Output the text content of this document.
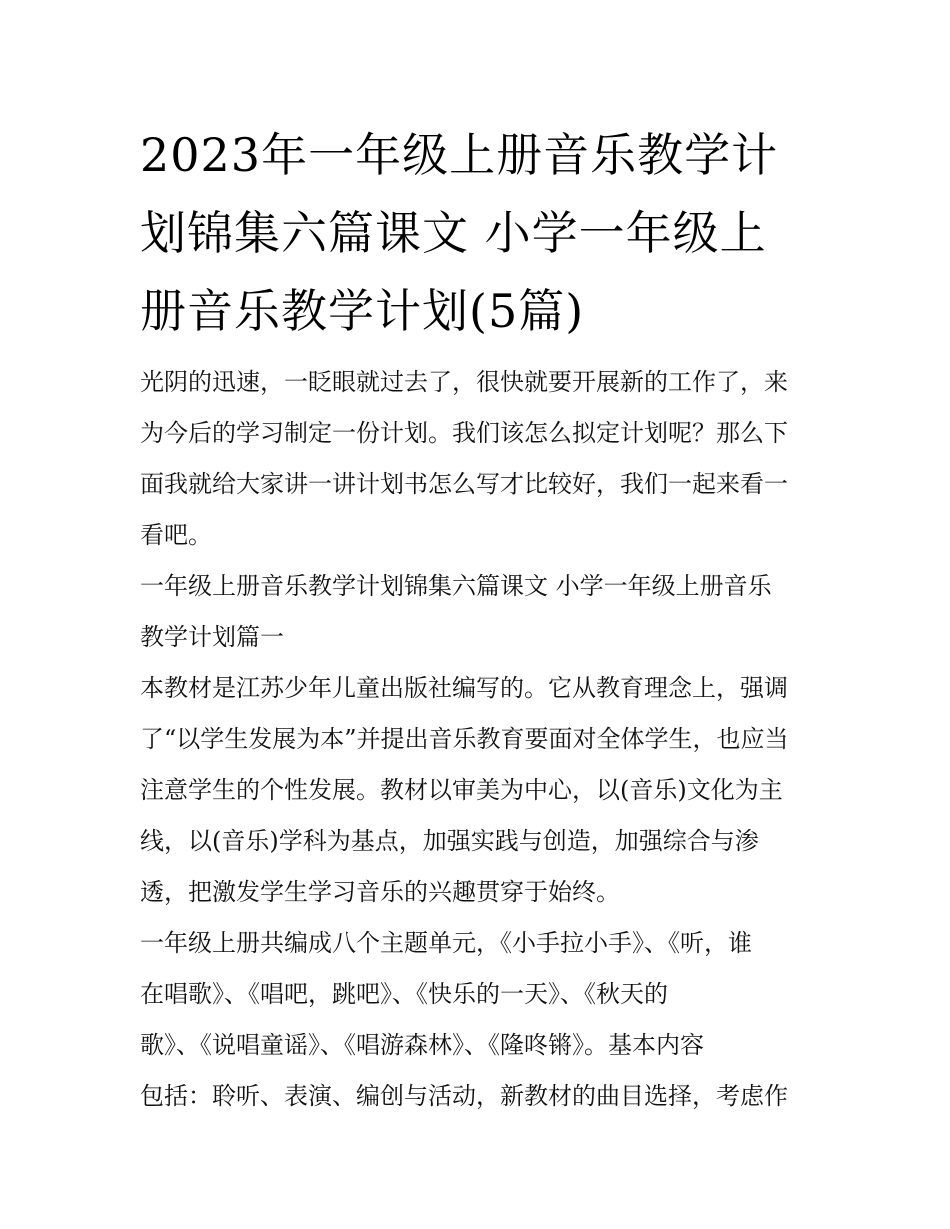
2023年一年级上册音乐教学计
划锦集六篇课文 小学一年级上
册音乐教学计划(5篇)
光阴的迅速，一眨眼就过去了，很快就要开展新的工作了，来
为今后的学习制定一份计划。我们该怎么拟定计划呢？那么下
面我就给大家讲一讲计划书怎么写才比较好，我们一起来看一
看吧。
一年级上册音乐教学计划锦集六篇课文 小学一年级上册音乐
教学计划篇一
本教材是江苏少年儿童出版社编写的。它从教育理念上，强调
了“以学生发展为本”并提出音乐教育要面对全体学生，也应当
注意学生的个性发展。教材以审美为中心，以(音乐)文化为主
线，以(音乐)学科为基点，加强实践与创造，加强综合与渗
透，把激发学生学习音乐的兴趣贯穿于始终。
一年级上册共编成八个主题单元，《小手拉小手》、《听，谁
在唱歌》、《唱吧，跳吧》、《快乐的一天》、《秋天的
歌》、《说唱童谣》、《唱游森林》、《隆咚锵》。基本内容
包括：聆听、表演、编创与活动，新教材的曲目选择，考虑作
